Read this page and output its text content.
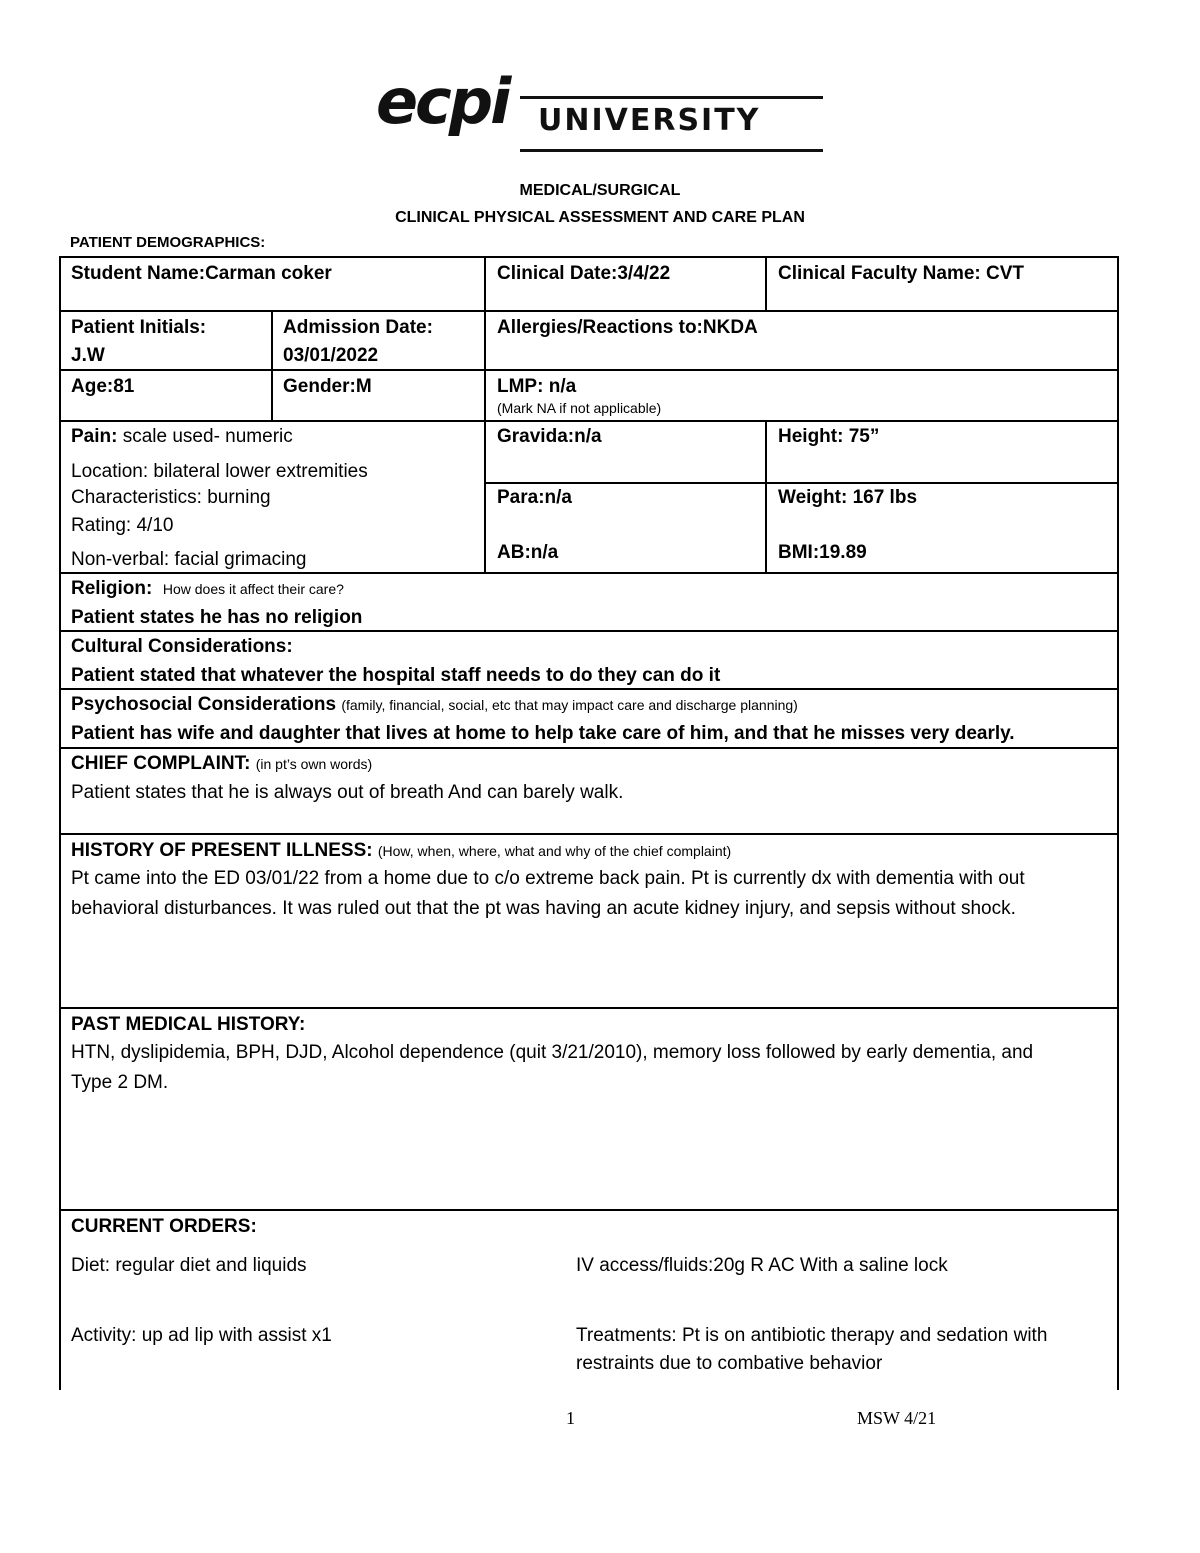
ecpi UNIVERSITY
MEDICAL/SURGICAL
CLINICAL PHYSICAL ASSESSMENT AND CARE PLAN
PATIENT DEMOGRAPHICS:
Student Name:Carman coker	Clinical Date:3/4/22	Clinical Faculty Name: CVT
Patient Initials:
J.W
Admission Date:
03/01/2022
Allergies/Reactions to:NKDA
Age:81	Gender:M	LMP: n/a
(Mark NA if not applicable)
Pain: scale used- numeric
Location: bilateral lower extremities
Characteristics: burning
Rating: 4/10
Non-verbal: facial grimacing
Gravida:n/a	Height: 75”
Para:n/a	Weight: 167 lbs
AB:n/a	BMI:19.89
Religion: How does it affect their care?
Patient states he has no religion
Cultural Considerations:
Patient stated that whatever the hospital staff needs to do they can do it
Psychosocial Considerations (family, financial, social, etc that may impact care and discharge planning)
Patient has wife and daughter that lives at home to help take care of him, and that he misses very dearly.
CHIEF COMPLAINT: (in pt’s own words)
Patient states that he is always out of breath And can barely walk.
HISTORY OF PRESENT ILLNESS: (How, when, where, what and why of the chief complaint)
Pt came into the ED 03/01/22 from a home due to c/o extreme back pain. Pt is currently dx with dementia with out behavioral disturbances. It was ruled out that the pt was having an acute kidney injury, and sepsis without shock.
PAST MEDICAL HISTORY:
HTN, dyslipidemia, BPH, DJD, Alcohol dependence (quit 3/21/2010), memory loss followed by early dementia, and Type 2 DM.
CURRENT ORDERS:
Diet: regular diet and liquids	IV access/fluids:20g R AC With a saline lock
Activity: up ad lip with assist x1	Treatments: Pt is on antibiotic therapy and sedation with restraints due to combative behavior
1	MSW 4/21
